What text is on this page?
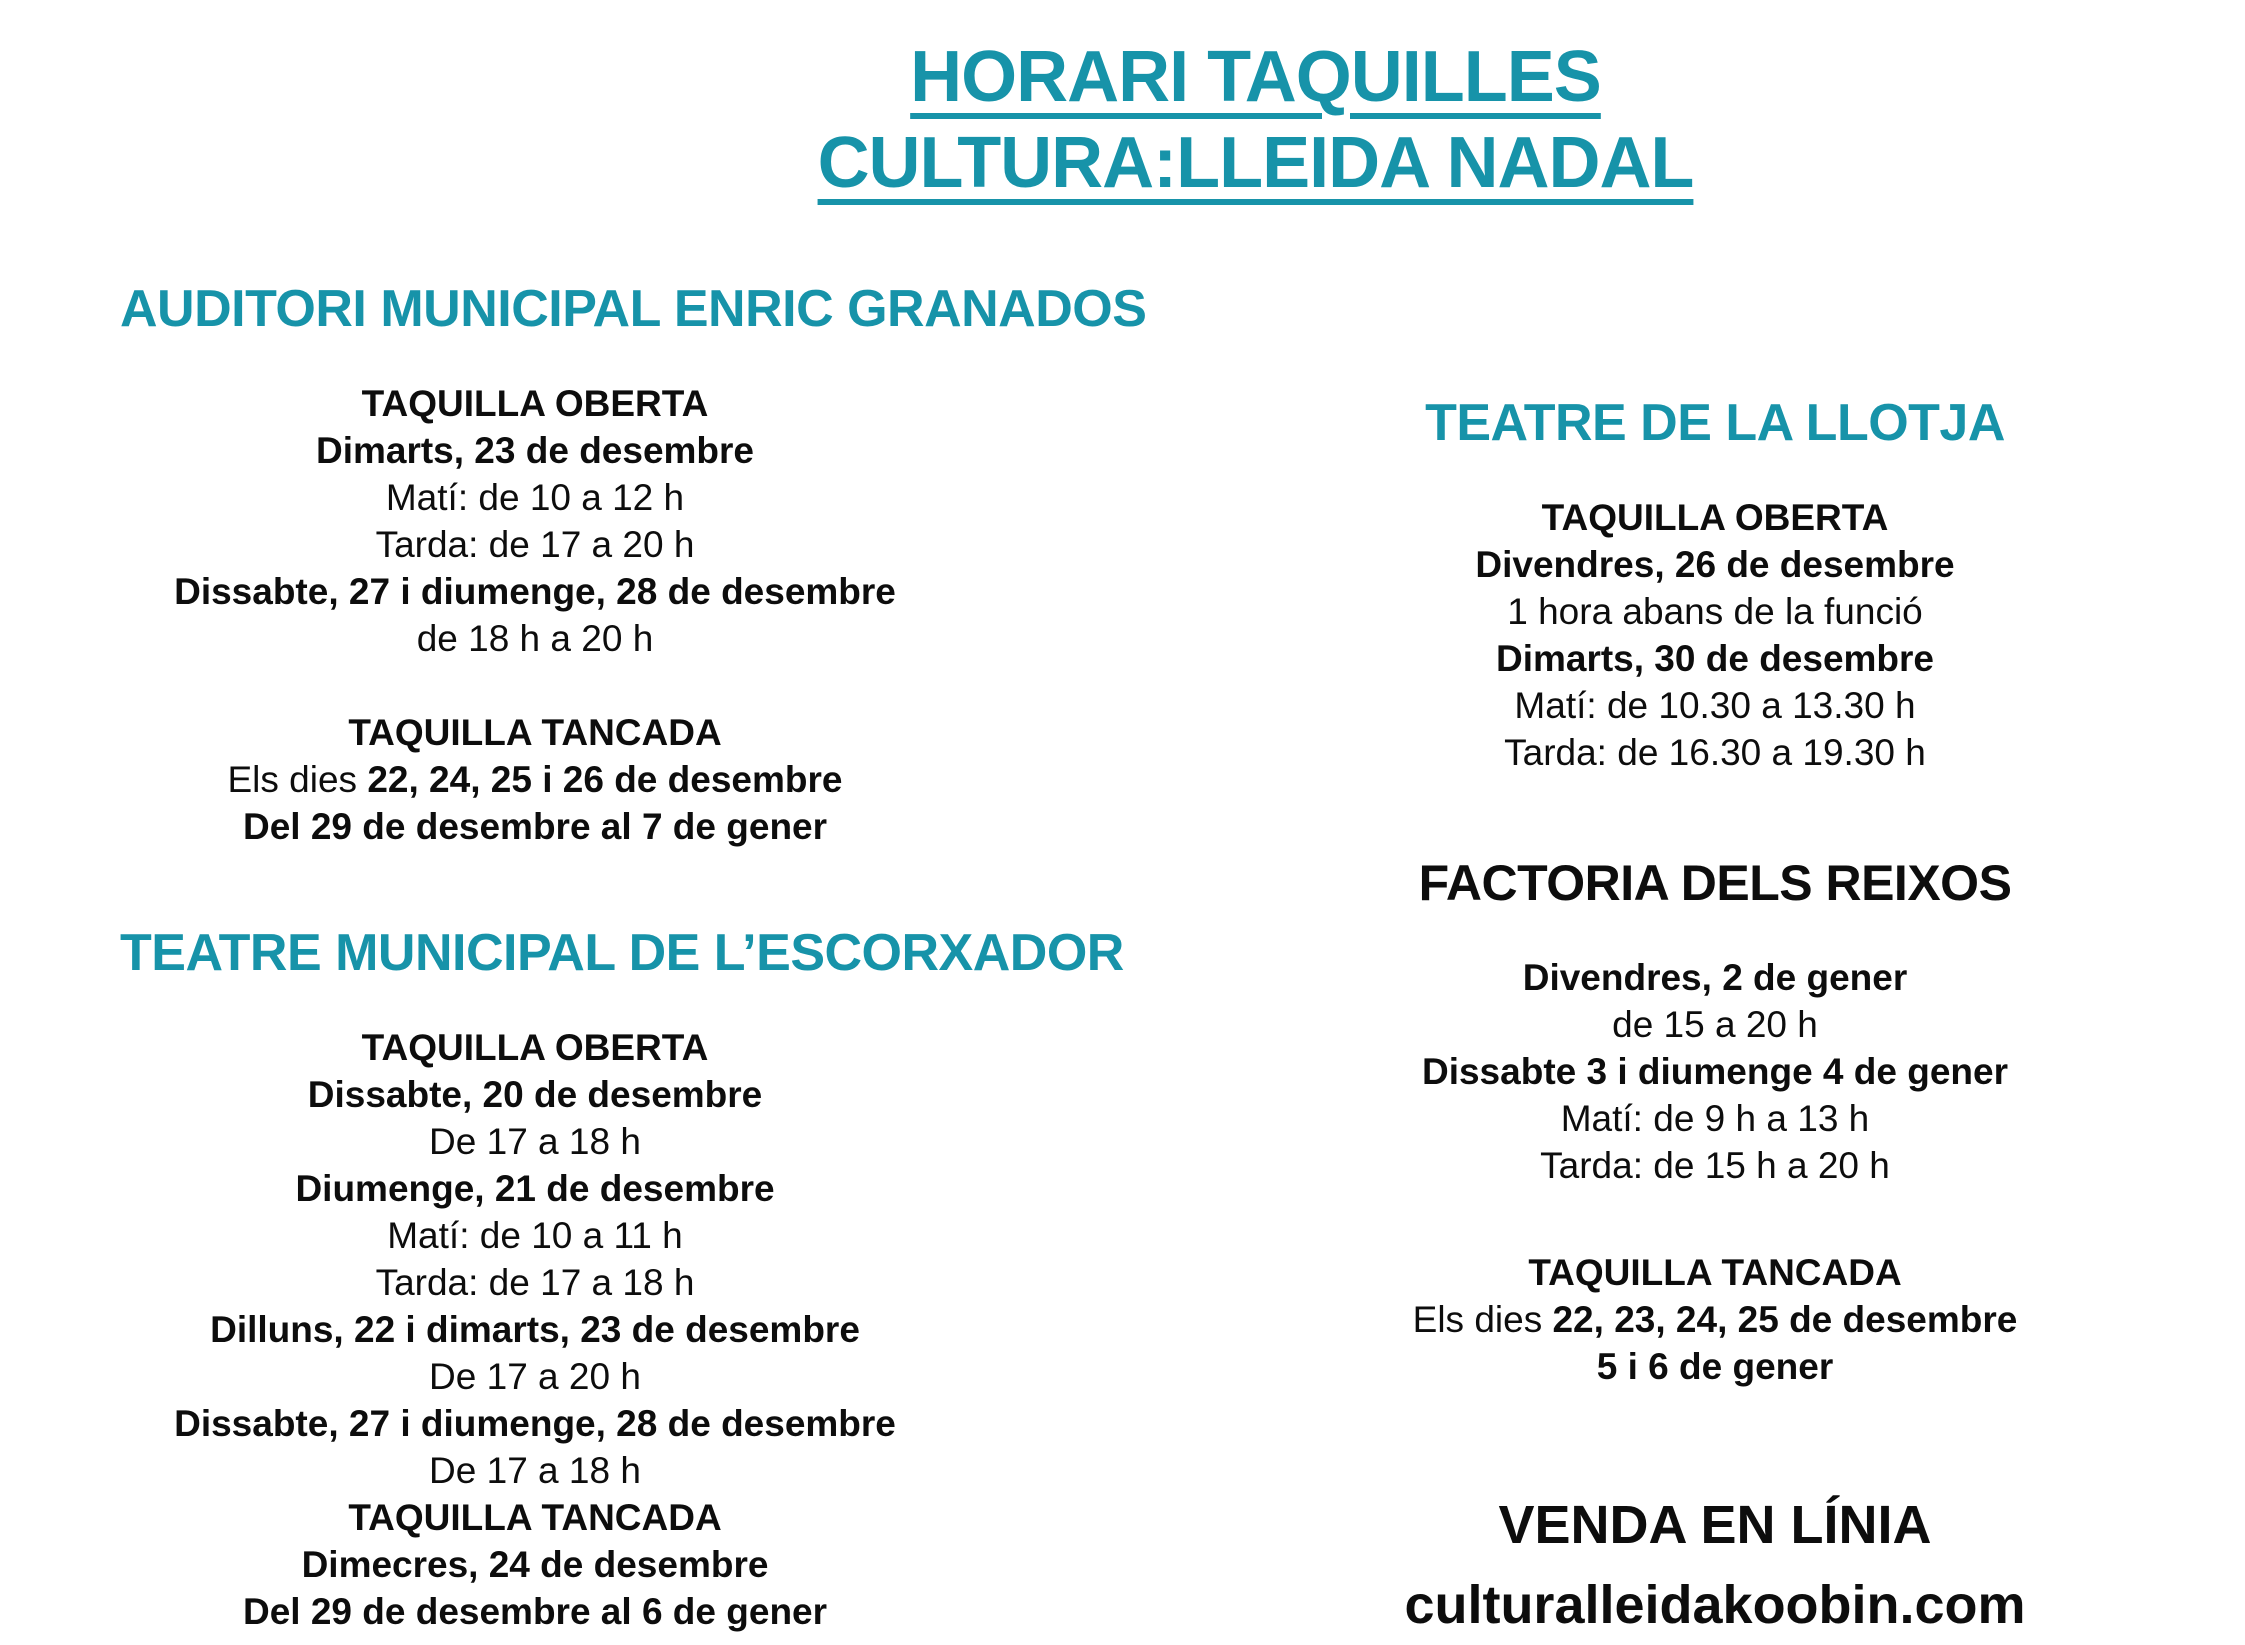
HORARI TAQUILLES
CULTURA:LLEIDA NADAL
AUDITORI MUNICIPAL ENRIC GRANADOS
TAQUILLA OBERTA
Dimarts, 23 de desembre
Matí: de 10 a 12 h
Tarda: de 17 a 20 h
Dissabte, 27 i diumenge, 28 de desembre
de 18 h a 20 h
TAQUILLA TANCADA
Els dies 22, 24, 25 i 26 de desembre
Del 29 de desembre al 7 de gener
TEATRE MUNICIPAL DE L’ESCORXADOR
TAQUILLA OBERTA
Dissabte, 20 de desembre
De 17 a 18 h
Diumenge, 21 de desembre
Matí: de 10 a 11 h
Tarda: de 17 a 18 h
Dilluns, 22 i dimarts, 23 de desembre
De 17 a 20 h
Dissabte, 27 i diumenge, 28 de desembre
De 17 a 18 h
TAQUILLA TANCADA
Dimecres, 24 de desembre
Del 29 de desembre al 6 de gener
TEATRE DE LA LLOTJA
TAQUILLA OBERTA
Divendres, 26 de desembre
1 hora abans de la funció
Dimarts, 30 de desembre
Matí: de 10.30 a 13.30 h
Tarda: de 16.30 a 19.30 h
FACTORIA DELS REIXOS
Divendres, 2 de gener
de 15 a 20 h
Dissabte 3 i diumenge 4 de gener
Matí: de 9 h a 13 h
Tarda: de 15 h a 20 h
TAQUILLA TANCADA
Els dies 22, 23, 24, 25 de desembre
5 i 6 de gener
VENDA EN LÍNIA
culturalleidakoobin.com
